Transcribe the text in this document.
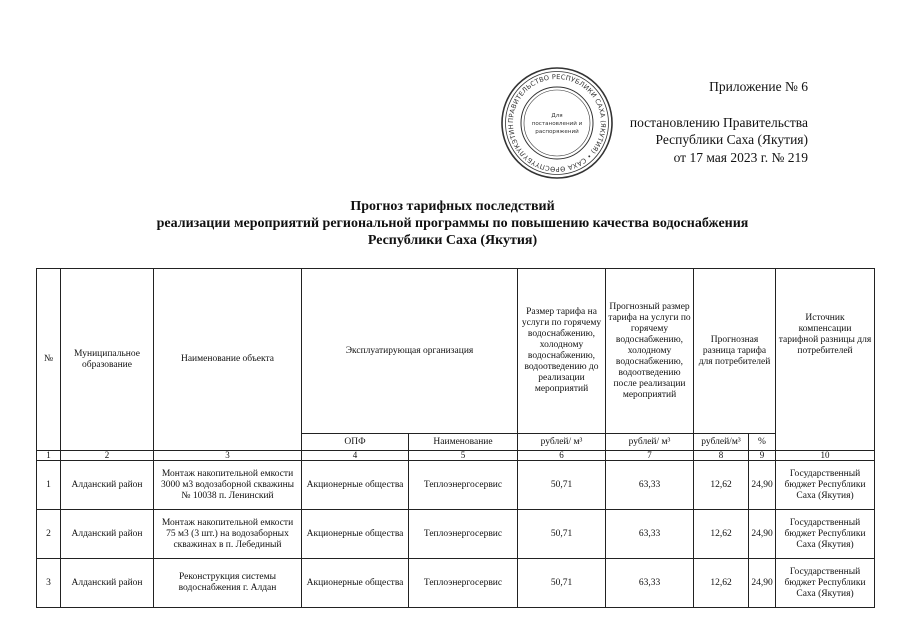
ПРАВИТЕЛЬСТВО РЕСПУБЛИКИ САХА (ЯКУТИЯ) • САХА ӨРӨСПҮҮБҮЛҮКЭТИН
Для
постановлений и
распоряжений
Приложение № 6
постановлению Правительства
Республики Саха (Якутия)
от 17 мая 2023 г. № 219
Прогноз тарифных последствий
реализации мероприятий региональной программы по повышению качества водоснабжения
Республики Саха (Якутия)
№	Муниципальное образование	Наименование объекта	Эксплуатирующая организация		Размер тарифа на услуги по горячему водоснабжению, холодному водоснабжению, водоотведению до реализации мероприятий	Прогнозный размер тарифа на услуги по горячему водоснабжению, холодному водоснабжению, водоотведению после реализации мероприятий	Прогнозная разница тарифа для потребителей		Источник компенсации тарифной разницы для потребителей
			ОПФ	Наименование	рублей/ м³	рублей/ м³	рублей/м³	%	
1	2	3	4	5	6	7	8	9	10
1	Алданский район	Монтаж накопительной емкости 3000 м3 водозаборной скважины № 10038 п. Ленинский	Акционерные общества	Теплоэнергосервис	50,71	63,33	12,62	24,90	Государственный бюджет Республики Саха (Якутия)
2	Алданский район	Монтаж накопительной емкости 75 м3 (3 шт.) на водозаборных скважинах в п. Лебединый	Акционерные общества	Теплоэнергосервис	50,71	63,33	12,62	24,90	Государственный бюджет Республики Саха (Якутия)
3	Алданский район	Реконструкция системы водоснабжения г. Алдан	Акционерные общества	Теплоэнергосервис	50,71	63,33	12,62	24,90	Государственный бюджет Республики Саха (Якутия)
